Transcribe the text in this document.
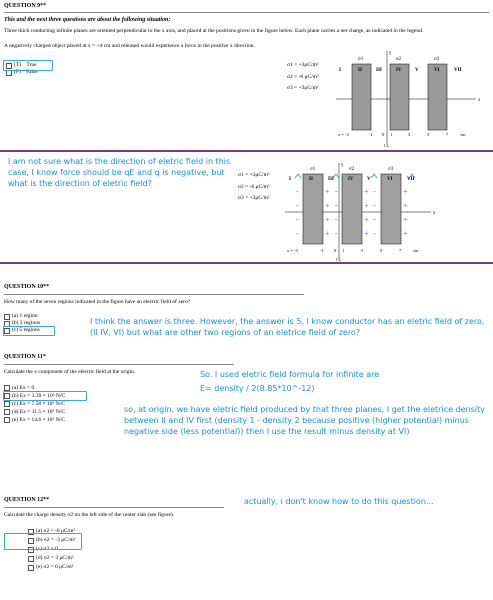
QUESTION 9**
This and the next three questions are about the following situation:
Three thick conducting infinite planes are oriented perpendicular to the x axis, and placed at the positions given in the figure below. Each plane carries a net charge, as indicated in the legend.
A negatively charged object placed at x = +4 cm and released would experience a force in the positive x direction.
(T)
True
(F)
False
σ1 = +3μC/m²
σ2 = -6 μC/m²
σ3 = +3μC/m²
y
x
CL
σ1	σ2	σ3
I	II	III	IV	V	VI	VII
x = -3	-1 0 1	3	5	7	cm
I am not sure what is the direction of eletric field in this case, I know force should be qE and q is negative, but what is the direction of eletric field?
σ1 = +3μC/m²
σ2 = -6 μC/m²
σ3 = +3μC/m²
y
x
CL
σ1	σ2	σ3
I	II	III	IV	V	VI	VII
-
-
-
-
+
+
+
+
-
-
-
-
+
+
+
+
-
-
-
-
+
+
+
+
x = -3	-1 0 1	3	5	7	cm
QUESTION 10**
How many of the seven regions indicated in the figure have an electric field of zero?
(a) 1 region
(b) 3 regions
(c) 5 regions
I think the answer is three. However, the answer is 5, I know conductor has an eletric field of zero, (II IV, VI) but what are other two regions of an eletrice field of zero?
QUESTION 11*
Calculate the x component of the electric field at the origin.
(a) Ex = 0
(b) Ex = 3.39 × 10⁵ N/C
(c) Ex = 7.58 × 10⁵ N/C
(d) Ex = 11.5 × 10⁵ N/C
(e) Ex = 14.6 × 10⁵ N/C
So. I used eletric field formula for infinite are
E= density / 2(8.85*10^-12)
so, at origin, we have eletric field produced by that three planes, I get the eletrice density between II and IV first (density 1 - density 2 because positive (higher potential) minus negative side (less potential)) then I use the result minus density at VI)
QUESTION 12**
Calculate the charge density σ2 on the left side of the center slab (see figure).
(a) σ2 = -6 μC/m²
(b) σ2 = -3 μC/m²
(c) σ2 = 0
(d) σ2 = 3 μC/m²
(e) σ2 = 6 μC/m²
actually, i don't know how to do this question...
